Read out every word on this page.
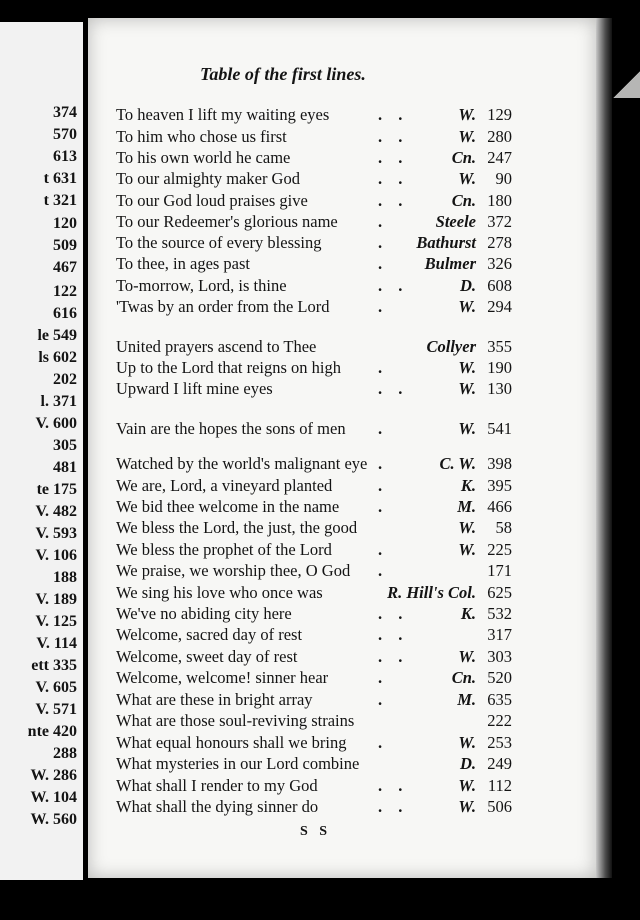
374
570
613
t 631
t 321
120
509
467
122
616
le 549
ls 602
202
l. 371
V. 600
305
481
te 175
V. 482
V. 593
V. 106
188
V. 189
V. 125
V. 114
ett 335
V. 605
V. 571
nte 420
288
W. 286
W. 104
W. 560
Table of the first lines.
To heaven I lift my waiting eyes	. .	W. 129
To him who chose us first	. .	W. 280
To his own world he came	. .	Cn. 247
To our almighty maker God	. .	W. 90
To our God loud praises give	. .	Cn. 180
To our Redeemer's glorious name .	Steele 372
To the source of every blessing	.	Bathurst 278
To thee, in ages past	.	Bulmer 326
To-morrow, Lord, is thine	. .	D. 608
'Twas by an order from the Lord	.	W. 294
United prayers ascend to Thee	Collyer 355
Up to the Lord that reigns on high .	W. 190
Upward I lift mine eyes	. .	W. 130
Vain are the hopes the sons of men .	W. 541
Watched by the world's malignant eye .	C. W. 398
We are, Lord, a vineyard planted	.	K. 395
We bid thee welcome in the name .	M. 466
We bless the Lord, the just, the good	W. 58
We bless the prophet of the Lord	.	W. 225
We praise, we worship thee, O God .	171
We sing his love who once was	R. Hill's Col. 625
We've no abiding city here	. .	K. 532
Welcome, sacred day of rest	. .	317
Welcome, sweet day of rest	. .	W. 303
Welcome, welcome! sinner hear	.	Cn. 520
What are these in bright array	.	M. 635
What are those soul-reviving strains	222
What equal honours shall we bring .	W. 253
What mysteries in our Lord combine	D. 249
What shall I render to my God	. .	W. 112
What shall the dying sinner do	. .	W. 506
S S
